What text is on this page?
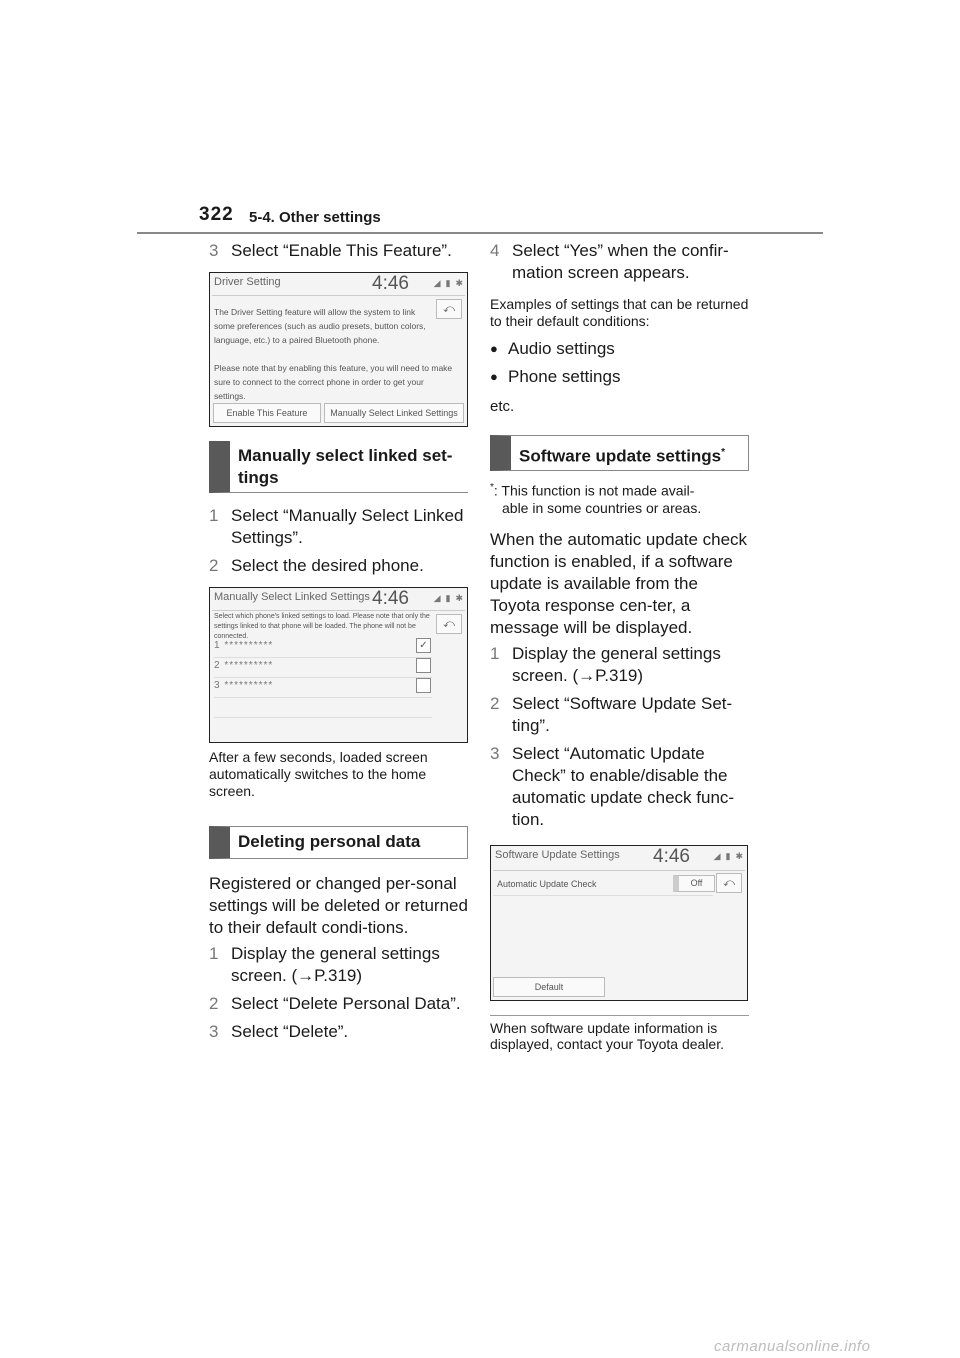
322 5-4. Other settings
3 Select “Enable This Feature”.
Driver Setting	4:46	◢ ▮ ✱
⤺
The Driver Setting feature will allow the system to link some preferences (such as audio presets, button colors, language, etc.) to a paired Bluetooth phone.
Please note that by enabling this feature, you will need to make sure to connect to the correct phone in order to get your settings.
Enable This Feature	Manually Select Linked Settings
Manually select linked set-tings
1 Select “Manually Select Linked Settings”.
2 Select the desired phone.
Manually Select Linked Settings 4:46	◢ ▮ ✱
⤺
Select which phone's linked settings to load. Please note that only the settings linked to that phone will be loaded. The phone will not be connected.
1 **********	✓
2 **********
3 **********
After a few seconds, loaded screen automatically switches to the home screen.
Deleting personal data
Registered or changed per-sonal settings will be deleted or returned to their default condi-tions.
1 Display the general settings screen. (→P.319)
2 Select “Delete Personal Data”.
3 Select “Delete”.
4 Select “Yes” when the confir-mation screen appears.
Examples of settings that can be returned to their default conditions:
● Audio settings
● Phone settings
etc.
Software update settings*
*: This function is not made avail-
able in some countries or areas.
When the automatic update check function is enabled, if a software update is available from the Toyota response cen-ter, a message will be displayed.
1 Display the general settings screen. (→P.319)
2 Select “Software Update Set-ting”.
3 Select “Automatic Update Check” to enable/disable the automatic update check func-tion.
Software Update Settings 4:46	◢ ▮ ✱
Automatic Update Check	Off	⤺
Default
When software update information is displayed, contact your Toyota dealer.
carmanualsonline.info
